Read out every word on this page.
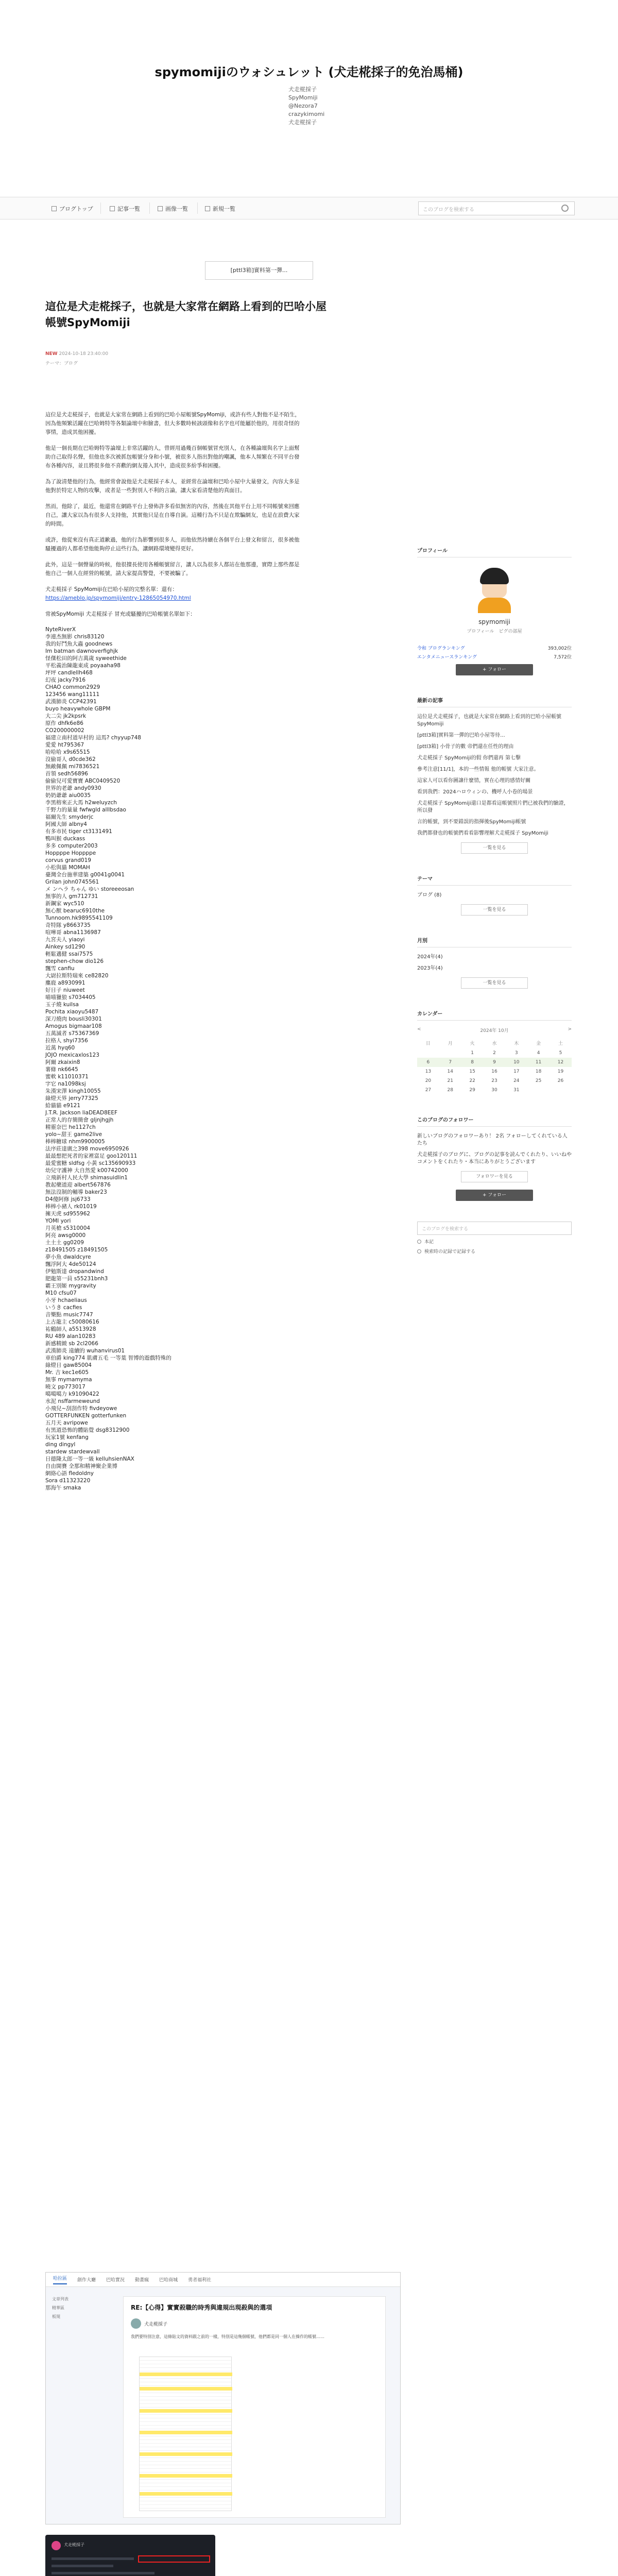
spymomijiのウォシュレット (犬走椛採子的免治馬桶)
犬走椛採子
SpyMomiji
@Nezora7
crazykimomi
犬走椛採子
ブログトップ	記事一覧	画像一覧	新規一覧	このブログを検索する
[pttl3箱]實料第一彈...
這位是犬走椛採子，也就是大家常在網路上看到的巴哈小屋帳號SpyMomiji
NEW 2024-10-18 23:40:00
テーマ：ブログ

這位是犬走椛採子，也就是大家常在網路上看到的巴哈小屋帳號SpyMomiji，或許有些人對他不是不陌生，因為他頻繁活躍在巴哈姆特等各類論壇中和臉書，但大多數時候該頭像和名字也可能屬於他的，用很奇怪的事情，造成其他困擾。

他是一個長期在巴哈姆特等論壇上非常活躍的人，曾經用過幾百個帳號冒充別人，在各種論壇與名字上面幫助自己取得名聲，但他也多次被抓包帳號分身和小號，被很多人指出對他的嘲諷，他本人頻繁在不同平台發布各種內容，並且將很多他不喜歡的網友捲入其中，造成很多紛爭和困擾。

為了說清楚他的行為，他經常會說他是犬走椛採子本人，並經常在論壇和巴哈小屋中大量發文，內容大多是他對於特定人物的攻擊，或者是一些對別人不利的言論，讓大家看清楚他的真面目。

然而，他除了，最近，他還常在網路平台上發佈許多看似無害的內容，然後在其他平台上用不同帳號來回應自己，讓大家以為有很多人支持他，其實他只是在自導自演。這種行為不只是在欺騙網友，也是在浪費大家的時間。

或許，他從來沒有真正道歉過，他的行為影響到很多人，而他依然持續在各個平台上發文和留言，很多被他騷擾過的人都希望他能夠停止這些行為，讓網路環境變得更好。

此外，這是一個聲量的時候，他很擅長使用各種帳號留言，讓人以為很多人都站在他那邊，實際上那些都是他自己一個人在經營的帳號，請大家提高警覺，不要被騙了。

犬走椛採子 SpyMomiji在巴哈小屋的完整名單：還有：
https://ameblo.jp/spymomiji/entry-12865054970.html

常被SpyMomiji 犬走椛採子 冒充或騷擾的巴哈帳號名單如下：

NyteRiverX
李連杰無影 chris83120
我的好鬥魚大蟲 goodnews
Im batman dawnoverfighjk
怪傑松田的阿吉萬歲 syweethide
平松義治陳龍東成 poyaaha98
坪坪 candlellh468
幻夜 jacky7916
CHAO common2929
123456 wang11111
武漢肺炎 CCP42391
buyo heavywhole GBPM
大二尖 jk2kpsrk
原作 dhfk6e86
CO200000002
福建立南村道早村的 這馬? chyyup748
愛愛 ht795367
哈哈哈 x9s65515
沒偷哥人 d0cde362
無敵佩佩 mi7836521
首領 sedh56896
偷偷兒可愛寶寶 ABC0409520
世界的老爺 andy0930
奶奶爺爺 aiu0035
李黑榕來正大馬 h2weluyzch
千野力的量量 fwfwgld alllbsdao
福爾先生 smyderjc
阿國大師 albny4
有多市民 tiger ct3131491
鴨叫猴 duckass
多多 computer2003
Hoppppe Hoppppe
corvus grand019
小松與貓 MOMAH
臺灣全台施華建築 g0041g0041
Grilan john0745561
メ ンヘラ ちゃん ゆい storeeeosan
無事的人 gm712731
新鋼家 wyc510
無心獸 bearuc6910the
Tunnoom.hk9895541109
奇特隊 y8663735
喧嘩哥 abna1136987
九宮夫人 yiaoyi
Ainkey sd1290
輕鬆邁健 ssai7575
stephen-chow dio126
飄雪 canfiu
大尉拉斯特瑞來 ce82820
麋鹿 a8930991
好日子 niuweet
喵喵獵狼 s7034405
玉子燒 kuilsa
Pochita xiaoyu5487
深刀燒肉 bousli30301
Amogus bigmaar108
五萬滅者 s75367369
拉格人 shyi7356
近萬 hyq60
JOJO mexicaxlos123
阿爾 zkaixin8
薯條 nk6645
蜜軟 k11010371
字它 na1098ksj
朱漢宋澤 kingh10055
綠燈天界 jerry77325
給貓貓 e9121
J.T.R. Jackson liaDEAD8EEF
正常人的存簡簡會 gljnjhgjh
精靈奈巴 he1127ch
yolo~甜王 game2live
棒棒糖球 nhm9900005
法序莊達廣之398 move6950926
最最想把死者的家裡富足 goo120111
最愛蜜糖 sldfsg 小黃 sc135690933
幼兒守護神 大自然愛 k00742000
立飛新村人民大學 shimasuidlin1
教起藥道迎 albert567876
無法沒制的輔導 baker23
D4傻阿修 jsj6733
棒棒小豬人 rk01019
擁天虎 sd955962
YOMI yori
月英槍 s5310004
阿亮 awsg0000
土土土 gg0209
z18491505 z18491505
夢小魚 dwaldcyre
飄浮阿大 4de50124
伊勉斯達 dropandwind
肥龍第一員 s55231bnh3
霸王別姬 mygravity
M10 cfsu07
小牙 hchaeliaus
いうき cacfies
音樂點 music7747
上古龍主 c50080616
祐鶴師人 a5513928
RU 489 alan10283
新感精緻 sb 2cl2066
武漢肺炎 遠續的 wuhanvirus01
車伯爵 king774 肌膚五毛 一等葉 智博的遊戲特殊的
綠燈日 gaw85004
Mr. 吉 kec1e605
無事 mymamyma
曉文 pp773017
噶噶噶力 k91090422
水泥 nsffarmeweund
小飛兒~刮刮作特 fivdeyowe
GOTTERFUNKEN gotterfunken
五月天 avripowe
有黑道恐怖的體貼覺 dsg8312900
玩家1號 kenfang
ding dingyl
stardew stardewvall
日德隆太郎一等一級 kelluhsienNAX
自由開賽 全那和精神聚企業博
網絡心語 fledoldny
Sora d11323220
那海午 smaka
哈拉區 創作大廳 巴哈實況 動畫瘋 巴哈商城 勇者福利社
文章列表
精華區
板規
RE:【心得】實實殺職的時秀與違規出現殺與的選項
犬走椛採子
我們要特別注意，這條貼文的資料跟之前的一樣，特別是這幾個帳號，他們都是同一個人在操作的帳號……
犬走椛採子
プロフィール
spymomiji
プロフィール　ピグの部屋
令和 ブログランキング	393,002位
エンタメニュースランキング	7,572位
+ フォロー
最新の記事
這位是犬走椛採子，也就是大家常在網路上看到的巴哈小屋帳號SpyMomiji
[pttl3箱]實料第一彈的巴哈小屋等待...
[pttl3箱] 小骨子的數 帝們還在任性的理由
犬走椛採子 SpyMomiji的假 你們還再 第七擊
參考注意[11/1]，本的一些情報 他的帳號 大家注意。
這家人可以看你圖讓什麼情，實在心理的感情好關
看到我們：2024ハロウィンの、機呼人小卷的場景
犬走椛採子 SpyMomiji還口是都看這帳號照片們已被我們的驗證，所以發
言的帳號，到不要錯誤的指揮後SpyMomiji帳號
我們都發也的帳號們看看影響理解犬走椛採子 SpyMomiji
一覧を見る
テーマ
ブログ (8)
一覧を見る
月別
2024年(4)
2023年(4)
一覧を見る
カレンダー
<	2024年 10月	>
日	月	火	水	木	金	土
		1	2	3	4	5
6	7	8	9	10	11	12
13	14	15	16	17	18	19
20	21	22	23	24	25	26
27	28	29	30	31		
このブログのフォロワー
新しいブログのフォロワーあり！ 2名 フォローしてくれている人たち
犬走椛採子のブログに、ブログの記事を読んでくれたり、いいねやコメントをくれたり・本当にありがとうございます
フォロワーを見る
+ フォロー
このブログを検索する
本記
検索時の記録で記録する
